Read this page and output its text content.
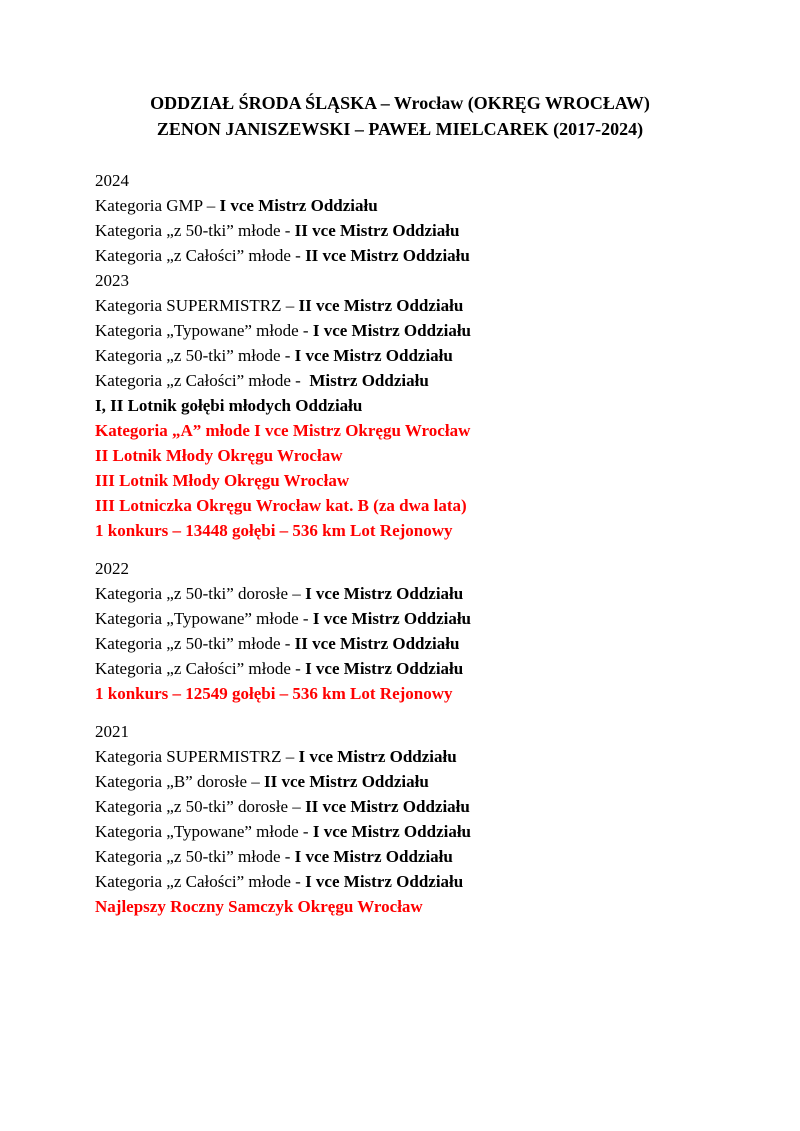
ODDZIAŁ ŚRODA ŚLĄSKA – Wrocław (OKRĘG WROCŁAW)
ZENON JANISZEWSKI – PAWEŁ MIELCAREK (2017-2024)
2024
Kategoria GMP – I vce Mistrz Oddziału
Kategoria „z 50-tki” młode - II vce Mistrz Oddziału
Kategoria „z Całości” młode - II vce Mistrz Oddziału
2023
Kategoria SUPERMISTRZ – II vce Mistrz Oddziału
Kategoria „Typowane” młode - I vce Mistrz Oddziału
Kategoria „z 50-tki” młode - I vce Mistrz Oddziału
Kategoria „z Całości” młode -  Mistrz Oddziału
I, II Lotnik gołębi młodych Oddziału
Kategoria „A” młode I vce Mistrz Okręgu Wrocław
II Lotnik Młody Okręgu Wrocław
III Lotnik Młody Okręgu Wrocław
III Lotniczka Okręgu Wrocław kat. B (za dwa lata)
1 konkurs – 13448 gołębi – 536 km Lot Rejonowy
2022
Kategoria „z 50-tki” dorosłe – I vce Mistrz Oddziału
Kategoria „Typowane” młode - I vce Mistrz Oddziału
Kategoria „z 50-tki” młode - II vce Mistrz Oddziału
Kategoria „z Całości” młode - I vce Mistrz Oddziału
1 konkurs – 12549 gołębi – 536 km Lot Rejonowy
2021
Kategoria SUPERMISTRZ – I vce Mistrz Oddziału
Kategoria „B” dorosłe – II vce Mistrz Oddziału
Kategoria „z 50-tki” dorosłe – II vce Mistrz Oddziału
Kategoria „Typowane” młode - I vce Mistrz Oddziału
Kategoria „z 50-tki” młode - I vce Mistrz Oddziału
Kategoria „z Całości” młode - I vce Mistrz Oddziału
Najlepszy Roczny Samczyk Okręgu Wrocław
